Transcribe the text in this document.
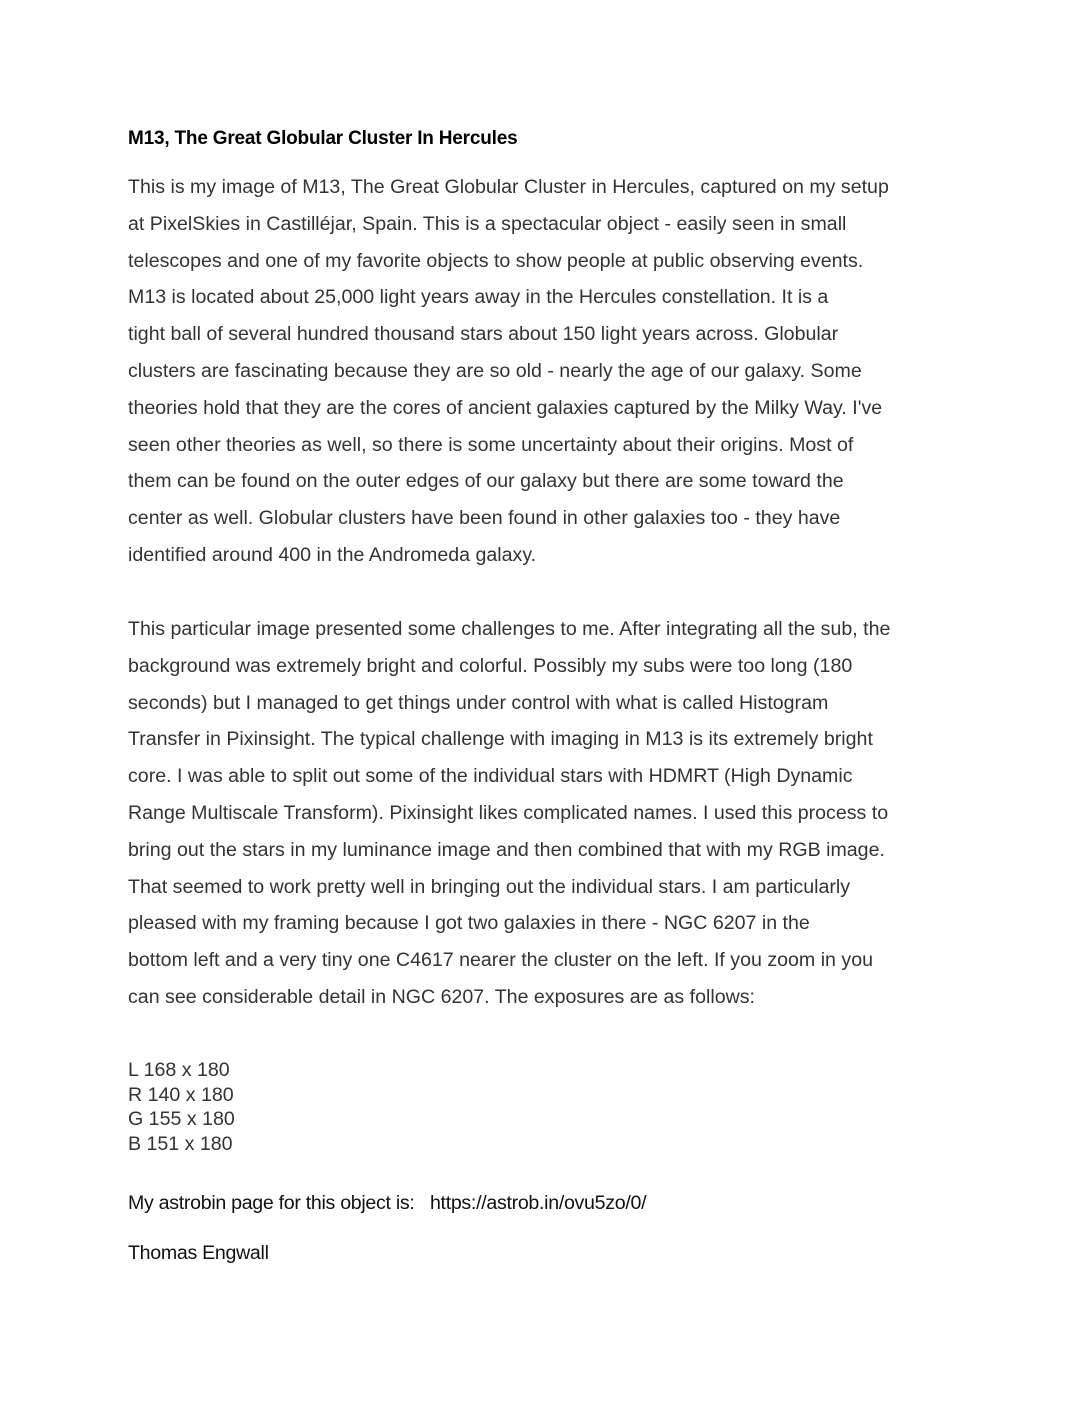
M13, The Great Globular Cluster In Hercules
This is my image of M13, The Great Globular Cluster in Hercules, captured on my setup
at PixelSkies in Castilléjar, Spain. This is a spectacular object - easily seen in small
telescopes and one of my favorite objects to show people at public observing events.
M13 is located about 25,000 light years away in the Hercules constellation. It is a
tight ball of several hundred thousand stars about 150 light years across. Globular
clusters are fascinating because they are so old - nearly the age of our galaxy. Some
theories hold that they are the cores of ancient galaxies captured by the Milky Way. I've
seen other theories as well, so there is some uncertainty about their origins. Most of
them can be found on the outer edges of our galaxy but there are some toward the
center as well. Globular clusters have been found in other galaxies too - they have
identified around 400 in the Andromeda galaxy.
This particular image presented some challenges to me. After integrating all the sub, the
background was extremely bright and colorful. Possibly my subs were too long (180
seconds) but I managed to get things under control with what is called Histogram
Transfer in Pixinsight. The typical challenge with imaging in M13 is its extremely bright
core. I was able to split out some of the individual stars with HDMRT (High Dynamic
Range Multiscale Transform). Pixinsight likes complicated names. I used this process to
bring out the stars in my luminance image and then combined that with my RGB image.
That seemed to work pretty well in bringing out the individual stars. I am particularly
pleased with my framing because I got two galaxies in there - NGC 6207 in the
bottom left and a very tiny one C4617 nearer the cluster on the left. If you zoom in you
can see considerable detail in NGC 6207. The exposures are as follows:
L 168 x 180
R 140 x 180
G 155 x 180
B 151 x 180
My astrobin page for this object is: https://astrob.in/ovu5zo/0/
Thomas Engwall
